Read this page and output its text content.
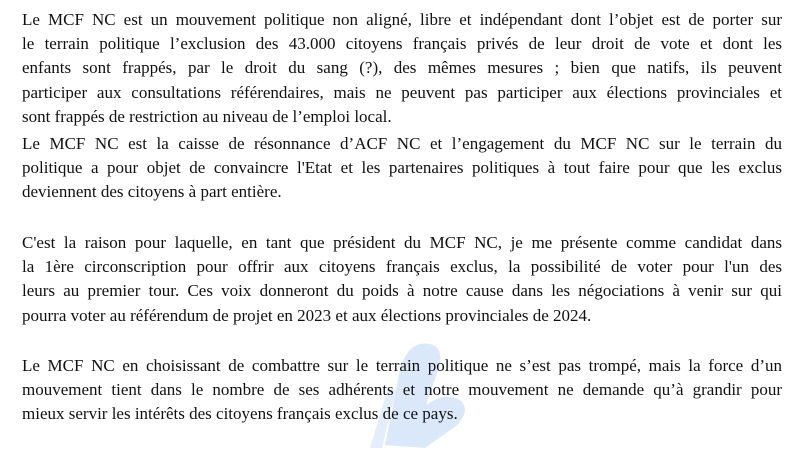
Le MCF NC est un mouvement politique non aligné, libre et indépendant dont l’objet est de porter sur
le terrain politique l’exclusion des 43.000 citoyens français privés de leur droit de vote et dont les
enfants sont frappés, par le droit du sang (?), des mêmes mesures ; bien que natifs, ils peuvent
participer aux consultations référendaires, mais ne peuvent pas participer aux élections provinciales et
sont frappés de restriction au niveau de l’emploi local.
Le MCF NC est la caisse de résonnance d’ACF NC et l’engagement du MCF NC sur le terrain du
politique a pour objet de convaincre l'Etat et les partenaires politiques à tout faire pour que les exclus
deviennent des citoyens à part entière.
C'est la raison pour laquelle, en tant que président du MCF NC, je me présente comme candidat dans
la 1ère circonscription pour offrir aux citoyens français exclus, la possibilité de voter pour l'un des
leurs au premier tour. Ces voix donneront du poids à notre cause dans les négociations à venir sur qui
pourra voter au référendum de projet en 2023 et aux élections provinciales de 2024.
Le MCF NC en choisissant de combattre sur le terrain politique ne s’est pas trompé, mais la force d’un
mouvement tient dans le nombre de ses adhérents et notre mouvement ne demande qu’à grandir pour
mieux servir les intérêts des citoyens français exclus de ce pays.
